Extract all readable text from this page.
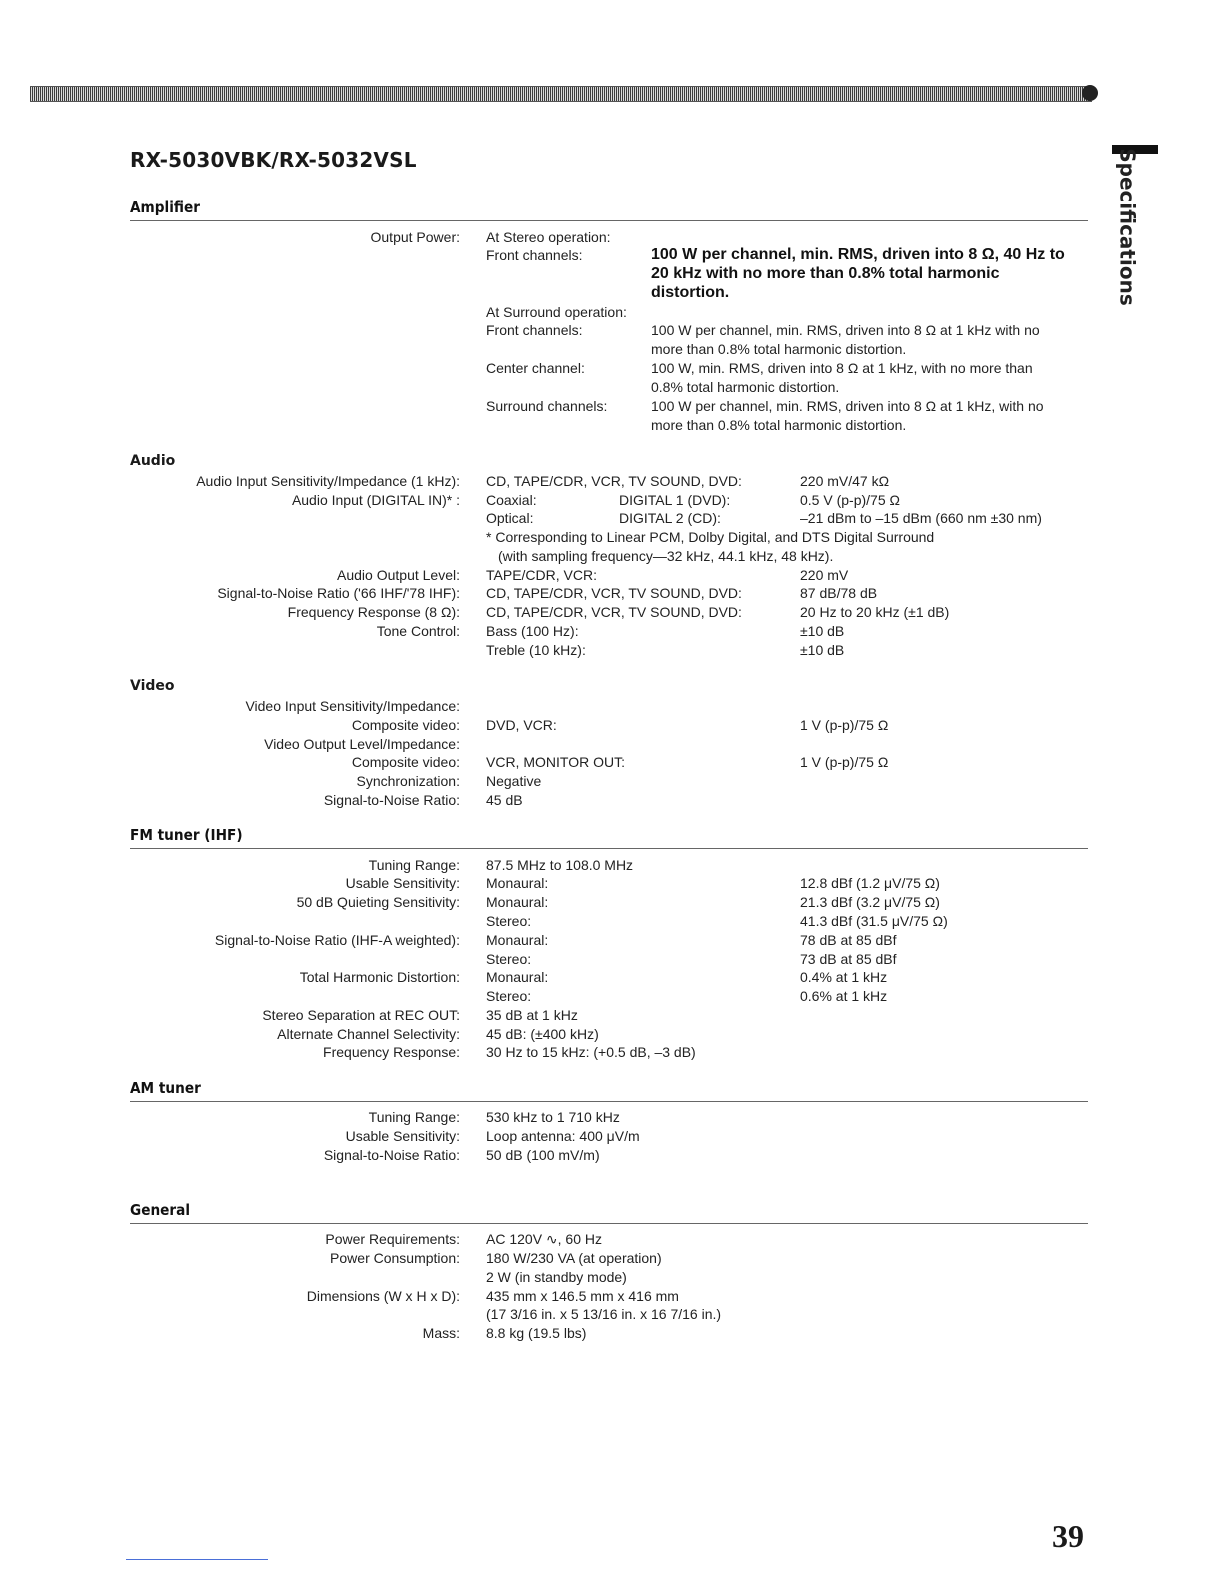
Specifications
RX-5030VBK/RX-5032VSL
Amplifier
Output Power: At Stereo operation:
Front channels:	100 W per channel, min. RMS, driven into 8 Ω, 40 Hz to
20 kHz with no more than 0.8% total harmonic
distortion.
At Surround operation:
Front channels:	100 W per channel, min. RMS, driven into 8 Ω at 1 kHz with no
more than 0.8% total harmonic distortion.
Center channel:	100 W, min. RMS, driven into 8 Ω at 1 kHz, with no more than
0.8% total harmonic distortion.
Surround channels:	100 W per channel, min. RMS, driven into 8 Ω at 1 kHz, with no
more than 0.8% total harmonic distortion.
Audio
Audio Input Sensitivity/Impedance (1 kHz): CD, TAPE/CDR, VCR, TV SOUND, DVD:	220 mV/47 kΩ
Audio Input (DIGITAL IN)* : Coaxial:	DIGITAL 1 (DVD):	0.5 V (p-p)/75 Ω
Optical:	DIGITAL 2 (CD):	–21 dBm to –15 dBm (660 nm ±30 nm)
* Corresponding to Linear PCM, Dolby Digital, and DTS Digital Surround
(with sampling frequency—32 kHz, 44.1 kHz, 48 kHz).
Audio Output Level: TAPE/CDR, VCR:	220 mV
Signal-to-Noise Ratio ('66 IHF/'78 IHF): CD, TAPE/CDR, VCR, TV SOUND, DVD:	87 dB/78 dB
Frequency Response (8 Ω): CD, TAPE/CDR, VCR, TV SOUND, DVD:	20 Hz to 20 kHz (±1 dB)
Tone Control: Bass (100 Hz):	±10 dB
Treble (10 kHz):	±10 dB
Video
Video Input Sensitivity/Impedance:
Composite video: DVD, VCR:	1 V (p-p)/75 Ω
Video Output Level/Impedance:
Composite video: VCR, MONITOR OUT:	1 V (p-p)/75 Ω
Synchronization: Negative
Signal-to-Noise Ratio: 45 dB
FM tuner (IHF)
Tuning Range: 87.5 MHz to 108.0 MHz
Usable Sensitivity: Monaural:	12.8 dBf (1.2 μV/75 Ω)
50 dB Quieting Sensitivity: Monaural:	21.3 dBf (3.2 μV/75 Ω)
Stereo:	41.3 dBf (31.5 μV/75 Ω)
Signal-to-Noise Ratio (IHF-A weighted): Monaural:	78 dB at 85 dBf
Stereo:	73 dB at 85 dBf
Total Harmonic Distortion: Monaural:	0.4% at 1 kHz
Stereo:	0.6% at 1 kHz
Stereo Separation at REC OUT: 35 dB at 1 kHz
Alternate Channel Selectivity: 45 dB: (±400 kHz)
Frequency Response: 30 Hz to 15 kHz: (+0.5 dB, –3 dB)
AM tuner
Tuning Range: 530 kHz to 1 710 kHz
Usable Sensitivity: Loop antenna: 400 μV/m
Signal-to-Noise Ratio: 50 dB (100 mV/m)
General
Power Requirements: AC 120V ∿, 60 Hz
Power Consumption: 180 W/230 VA (at operation)
2 W (in standby mode)
Dimensions (W x H x D): 435 mm x 146.5 mm x 416 mm
(17 3/16 in. x 5 13/16 in. x 16 7/16 in.)
Mass: 8.8 kg (19.5 lbs)
39
